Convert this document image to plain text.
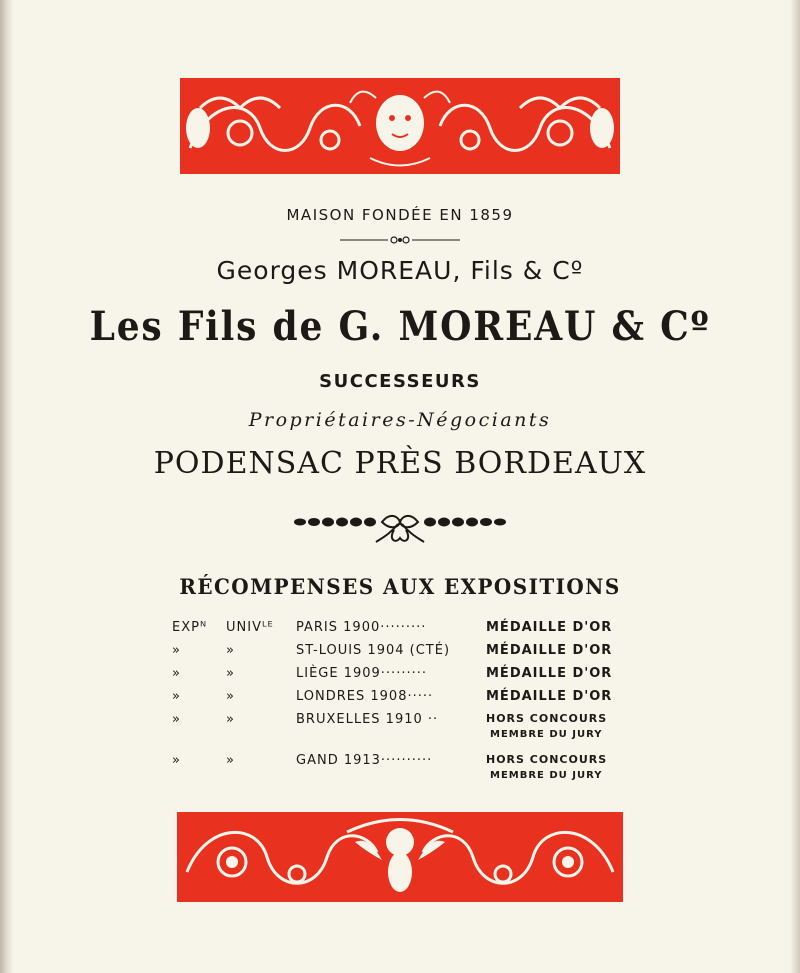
MAISON FONDÉE EN 1859
Georges MOREAU, Fils & Cº
Les Fils de G. MOREAU & Cº
SUCCESSEURS
Propriétaires-Négociants
PODENSAC PRÈS BORDEAUX
RÉCOMPENSES AUX EXPOSITIONS
EXPᴺ UNIVᴸᴱ PARIS 1900·········	MÉDAILLE D'OR
»	»	ST-LOUIS 1904 (CTÉ)	MÉDAILLE D'OR
»	»	LIÈGE 1909·········	MÉDAILLE D'OR
»	»	LONDRES 1908·····	MÉDAILLE D'OR
»	»	BRUXELLES 1910 ··	HORS CONCOURS
MEMBRE DU JURY
»	»	GAND 1913··········	HORS CONCOURS
MEMBRE DU JURY
